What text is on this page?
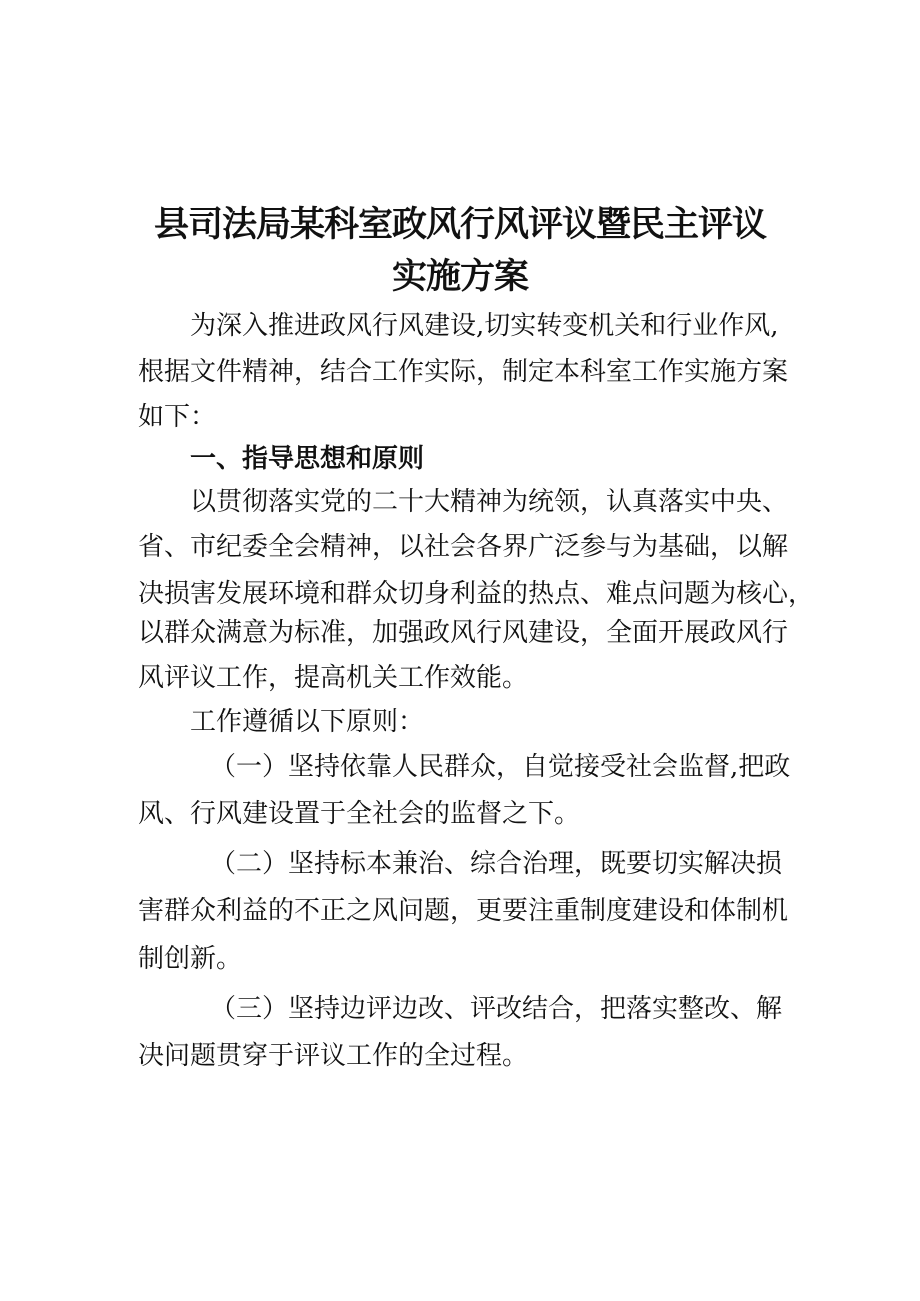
县司法局某科室政风行风评议暨民主评议
实施方案
为深入推进政风行风建设,切实转变机关和行业作风,
根据文件精神，结合工作实际，制定本科室工作实施方案
如下：
一、指导思想和原则
以贯彻落实党的二十大精神为统领，认真落实中央、
省、市纪委全会精神，以社会各界广泛参与为基础，以解
决损害发展环境和群众切身利益的热点、难点问题为核心，
以群众满意为标准，加强政风行风建设，全面开展政风行
风评议工作，提高机关工作效能。
工作遵循以下原则：
（一）坚持依靠人民群众，自觉接受社会监督,把政
风、行风建设置于全社会的监督之下。
（二）坚持标本兼治、综合治理，既要切实解决损
害群众利益的不正之风问题，更要注重制度建设和体制机
制创新。
（三）坚持边评边改、评改结合，把落实整改、解
决问题贯穿于评议工作的全过程。
